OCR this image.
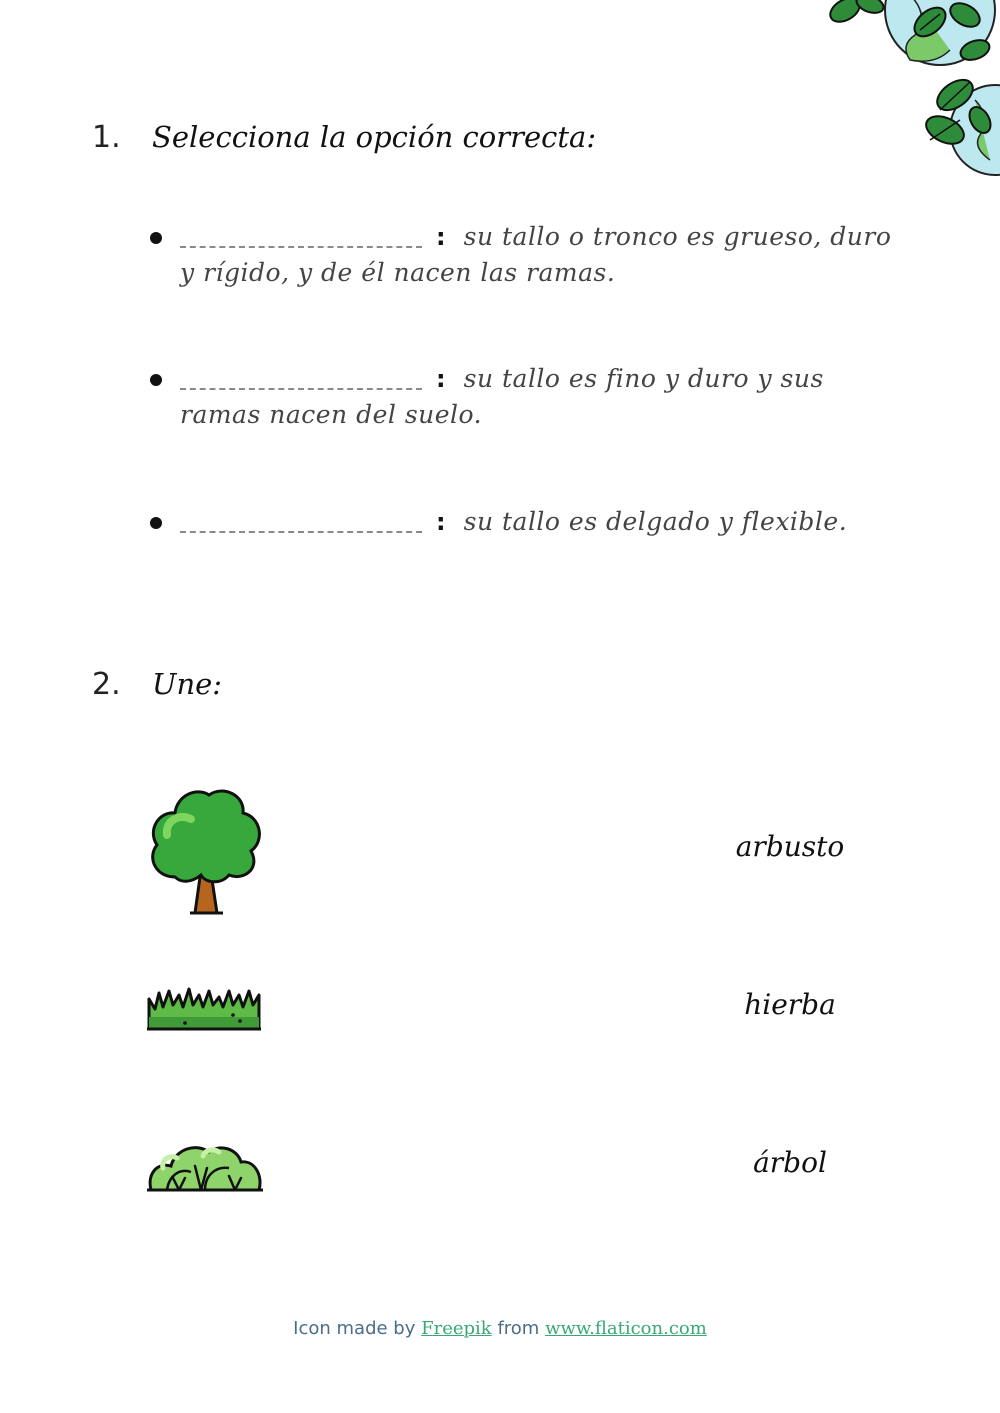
1. Selecciona la opción correcta:
: su tallo o tronco es grueso, duro
y rígido, y de él nacen las ramas.
: su tallo es fino y duro y sus
ramas nacen del suelo.
: su tallo es delgado y flexible.
2. Une:
arbusto
hierba
árbol
Icon made by Freepik from www.flaticon.com
